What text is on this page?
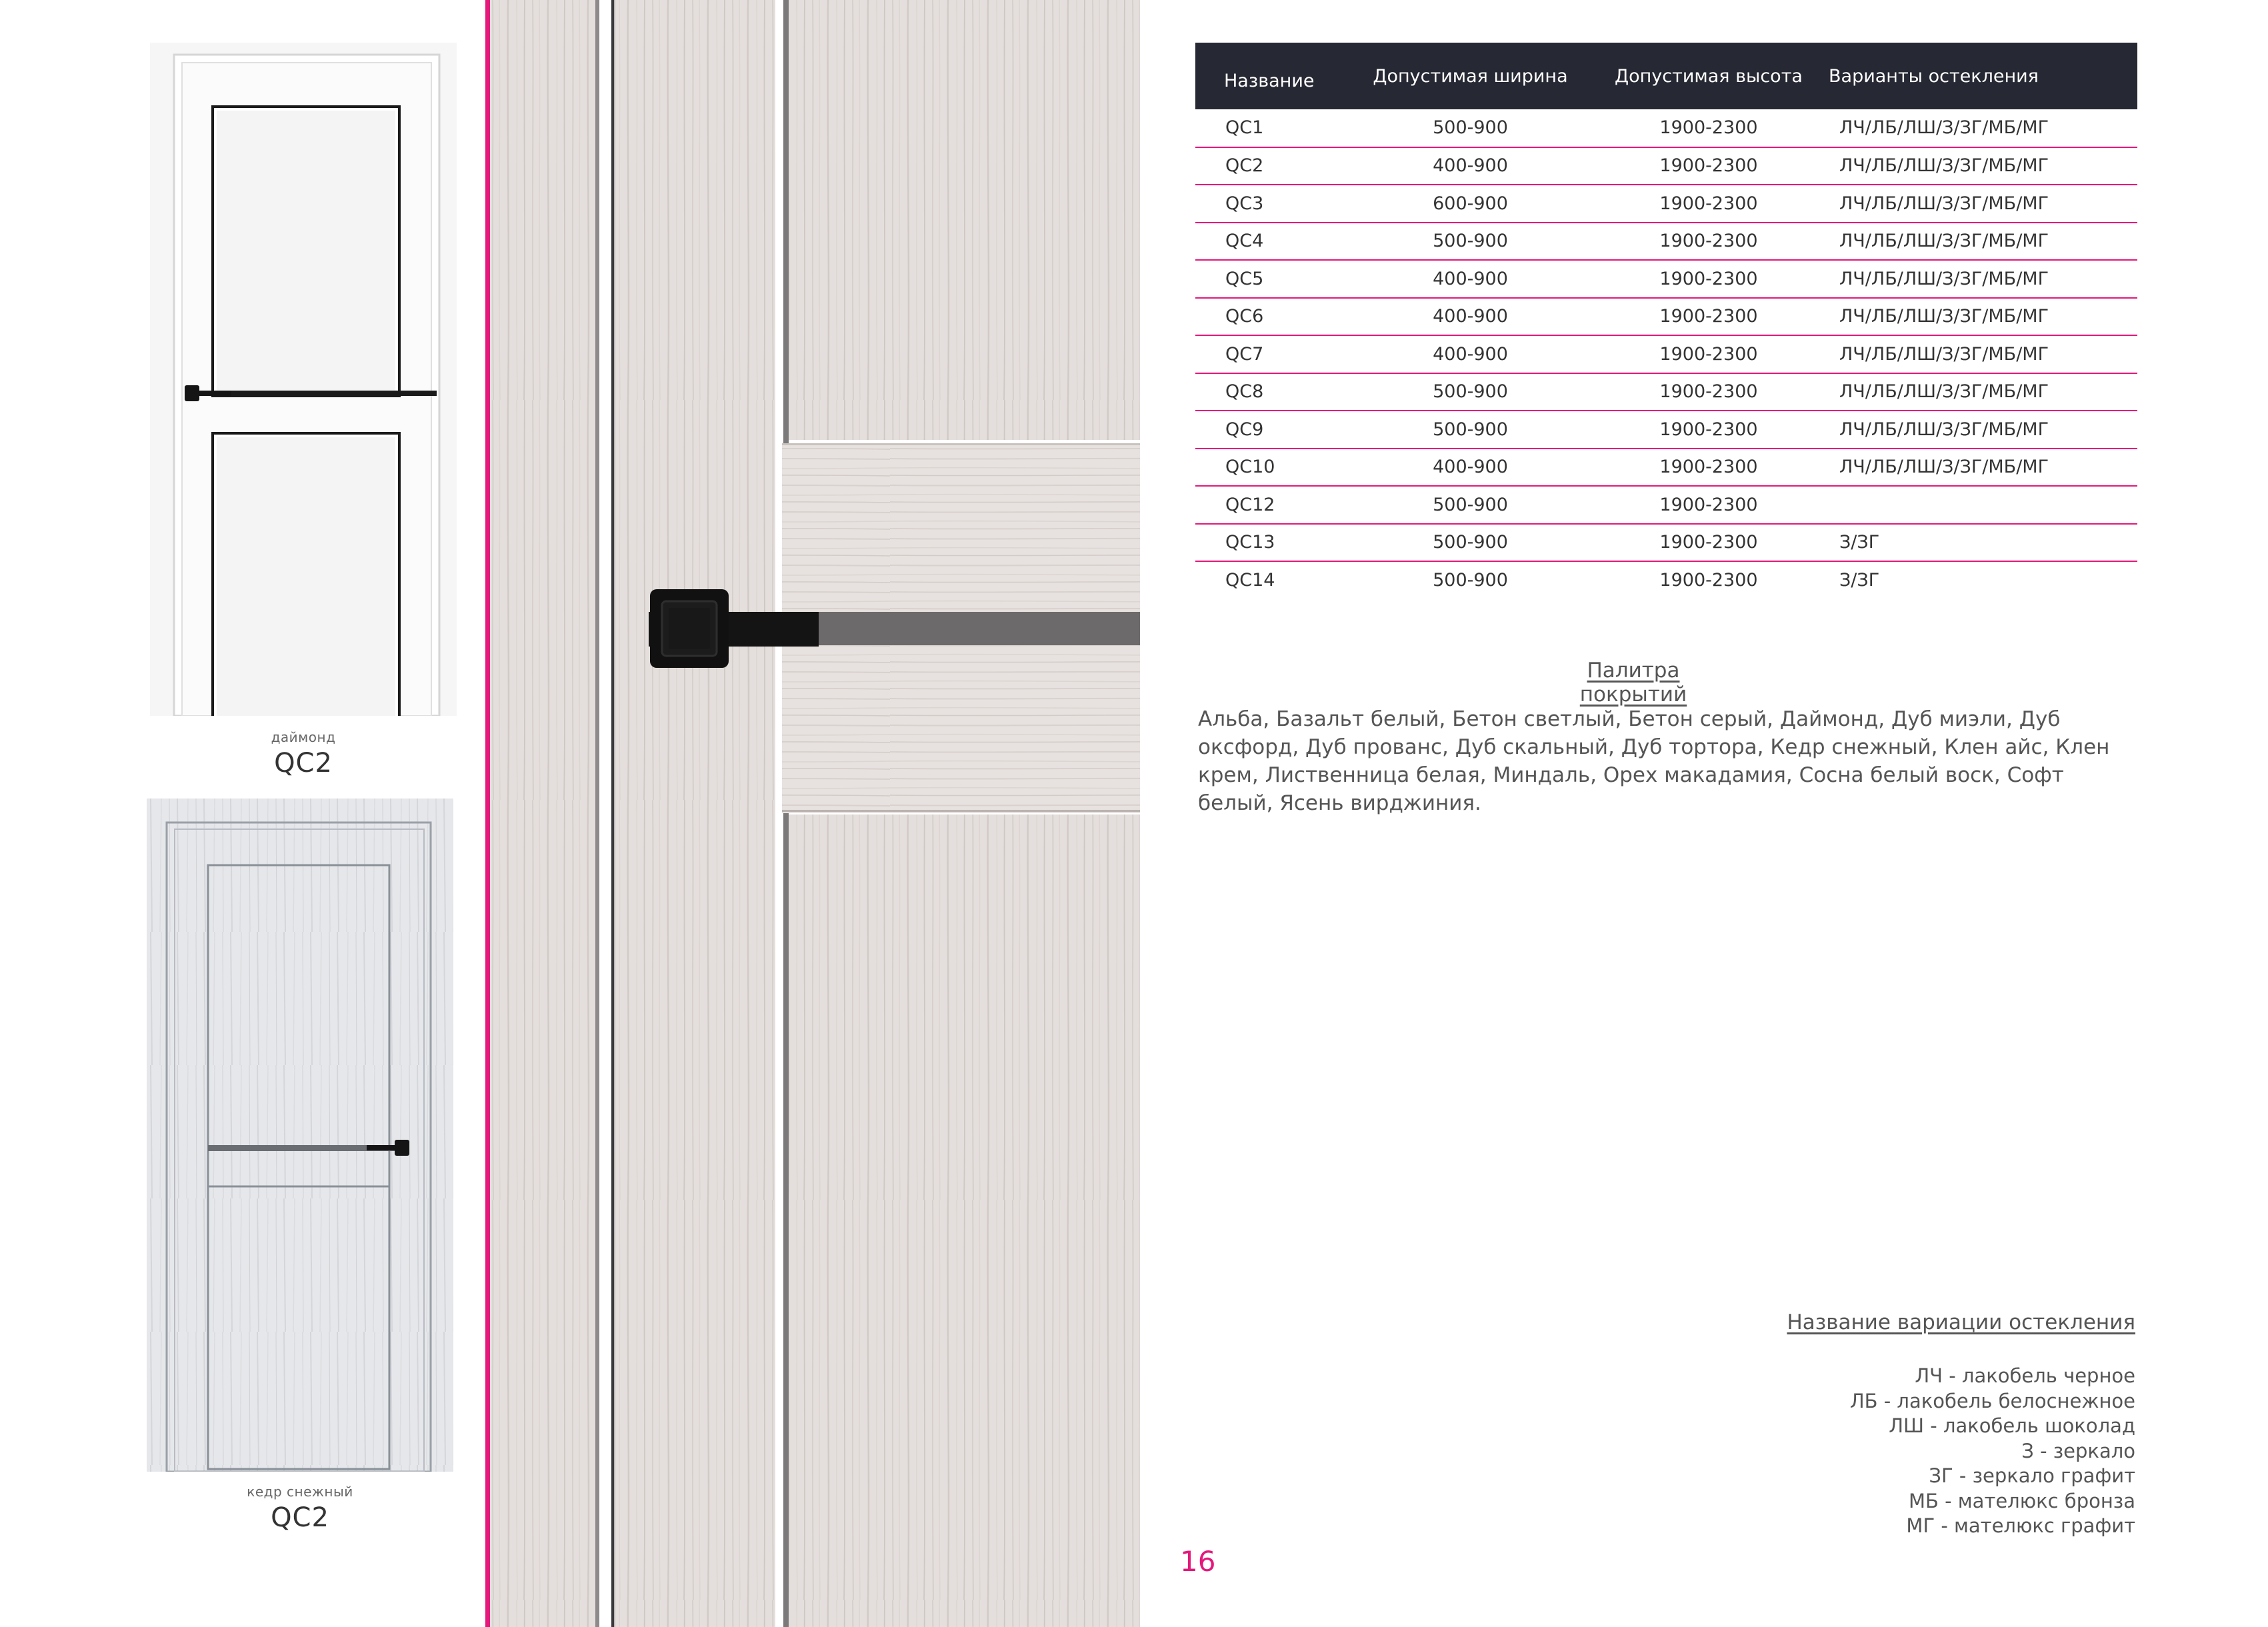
даймонд
QC2
кедр снежный
QC2
Название	Допустимая ширина	Допустимая высота	Варианты остекления
QC1	500-900	1900-2300	ЛЧ/ЛБ/ЛШ/З/ЗГ/МБ/МГ
QC2	400-900	1900-2300	ЛЧ/ЛБ/ЛШ/З/ЗГ/МБ/МГ
QC3	600-900	1900-2300	ЛЧ/ЛБ/ЛШ/З/ЗГ/МБ/МГ
QC4	500-900	1900-2300	ЛЧ/ЛБ/ЛШ/З/ЗГ/МБ/МГ
QC5	400-900	1900-2300	ЛЧ/ЛБ/ЛШ/З/ЗГ/МБ/МГ
QC6	400-900	1900-2300	ЛЧ/ЛБ/ЛШ/З/ЗГ/МБ/МГ
QC7	400-900	1900-2300	ЛЧ/ЛБ/ЛШ/З/ЗГ/МБ/МГ
QC8	500-900	1900-2300	ЛЧ/ЛБ/ЛШ/З/ЗГ/МБ/МГ
QC9	500-900	1900-2300	ЛЧ/ЛБ/ЛШ/З/ЗГ/МБ/МГ
QC10	400-900	1900-2300	ЛЧ/ЛБ/ЛШ/З/ЗГ/МБ/МГ
QC12	500-900	1900-2300	
QC13	500-900	1900-2300	З/ЗГ
QC14	500-900	1900-2300	З/ЗГ
Палитра покрытий
Альба, Базальт белый, Бетон светлый, Бетон серый, Даймонд, Дуб миэли, Дуб оксфорд, Дуб прованс, Дуб скальный, Дуб тортора, Кедр снежный, Клен айс, Клен крем, Лиственница белая, Миндаль, Орех макадамия, Сосна белый воск, Софт белый, Ясень вирджиния.
Название вариации остекления
ЛЧ - лакобель черное
ЛБ - лакобель белоснежное
ЛШ - лакобель шоколад
З - зеркало
ЗГ - зеркало графит
МБ - мателюкс бронза
МГ - мателюкс графит
16
